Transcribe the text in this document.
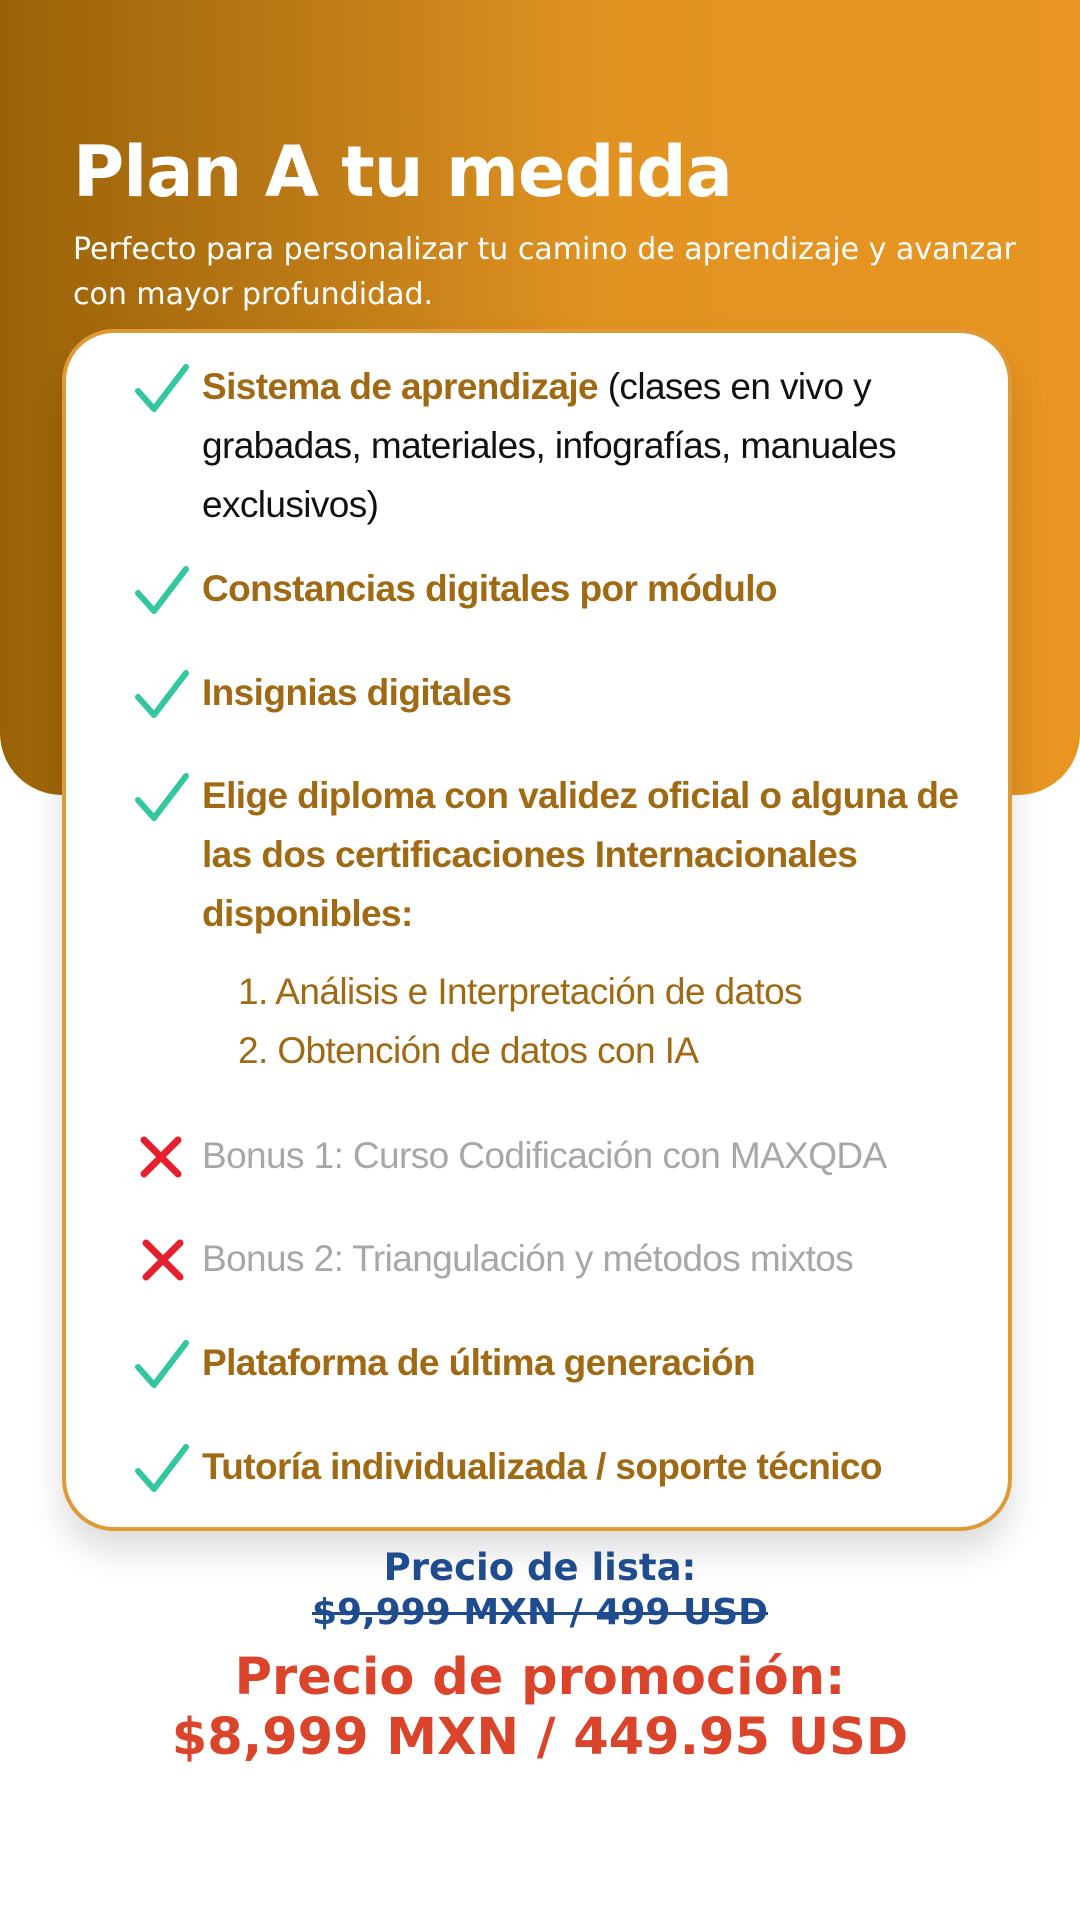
Plan A tu medida

Perfecto para personalizar tu camino de aprendizaje y avanzar con mayor profundidad.

Sistema de aprendizaje (clases en vivo y grabadas, materiales, infografías, manuales exclusivos)

Constancias digitales por módulo

Insignias digitales

Elige diploma con validez oficial o alguna de las dos certificaciones Internacionales disponibles:

1. Análisis e Interpretación de datos
2. Obtención de datos con IA

Bonus 1: Curso Codificación con MAXQDA

Bonus 2: Triangulación y métodos mixtos

Plataforma de última generación

Tutoría individualizada / soporte técnico

Precio de lista:

$9,999 MXN / 499 USD

Precio de promoción:

$8,999 MXN / 449.95 USD
